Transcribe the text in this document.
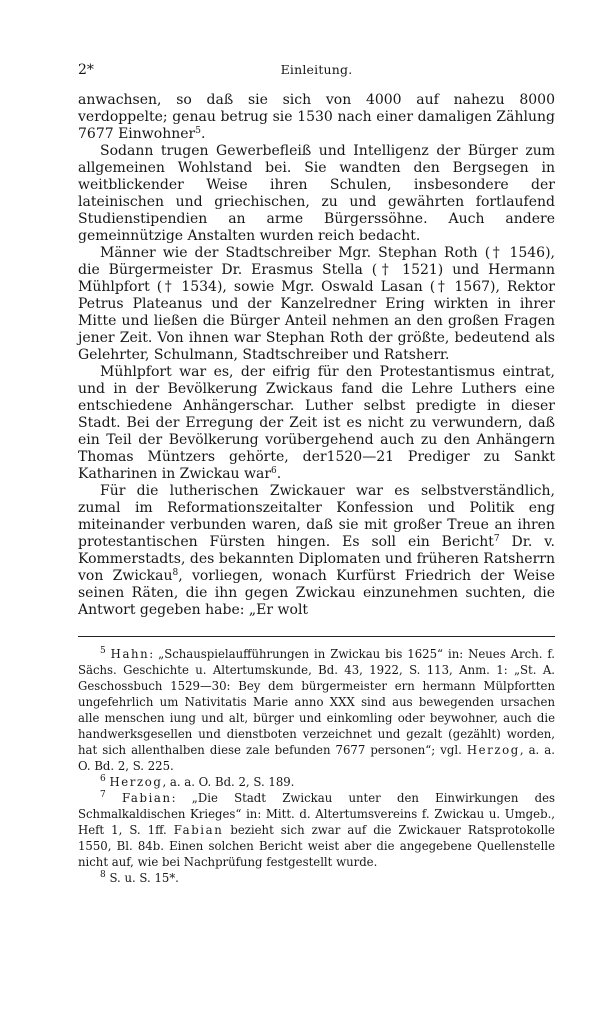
2*	Einleitung.

anwachsen, so daß sie sich von 4000 auf nahezu 8000 verdoppelte; genau betrug sie 1530 nach einer damaligen Zählung 7677 Einwohner$^5$.

Sodann trugen Gewerbefleiß und Intelligenz der Bürger zum allgemeinen Wohlstand bei. Sie wandten den Bergsegen in weitblickender Weise ihren Schulen, insbesondere der lateinischen und griechischen, zu und gewährten fortlaufend Studienstipendien an arme Bürgerssöhne. Auch andere gemeinnützige Anstalten wurden reich bedacht.

Männer wie der Stadtschreiber Mgr. Stephan Roth († 1546), die Bürgermeister Dr. Erasmus Stella († 1521) und Hermann Mühlpfort († 1534), sowie Mgr. Oswald Lasan († 1567), Rektor Petrus Plateanus und der Kanzelredner Ering wirkten in ihrer Mitte und ließen die Bürger Anteil nehmen an den großen Fragen jener Zeit. Von ihnen war Stephan Roth der größte, bedeutend als Gelehrter, Schulmann, Stadtschreiber und Ratsherr.

Mühlpfort war es, der eifrig für den Protestantismus eintrat, und in der Bevölkerung Zwickaus fand die Lehre Luthers eine entschiedene Anhängerschar. Luther selbst predigte in dieser Stadt. Bei der Erregung der Zeit ist es nicht zu verwundern, daß ein Teil der Bevölkerung vorübergehend auch zu den Anhängern Thomas Müntzers gehörte, der1520—21 Prediger zu Sankt Katharinen in Zwickau war$^6$.

Für die lutherischen Zwickauer war es selbstverständlich, zumal im Reformationszeitalter Konfession und Politik eng miteinander verbunden waren, daß sie mit großer Treue an ihren protestantischen Fürsten hingen. Es soll ein Bericht$^7$ Dr. v. Kommerstadts, des bekannten Diplomaten und früheren Ratsherrn von Zwickau$^8$, vorliegen, wonach Kurfürst Friedrich der Weise seinen Räten, die ihn gegen Zwickau einzunehmen suchten, die Antwort gegeben habe: „Er wolt

$^5$ Hahn: „Schauspielaufführungen in Zwickau bis 1625“ in: Neues Arch. f. Sächs. Geschichte u. Altertumskunde, Bd. 43, 1922, S. 113, Anm. 1: „St. A. Geschossbuch 1529—30: Bey dem bürgermeister ern hermann Mülpfortten ungefehrlich um Nativitatis Marie anno XXX sind aus bewegenden ursachen alle menschen iung und alt, bürger und einkomling oder beywohner, auch die handwerksgesellen und dienstboten verzeichnet und gezalt (gezählt) worden, hat sich allenthalben diese zale befunden 7677 personen“; vgl. Herzog, a. a. O. Bd. 2, S. 225.

$^6$ Herzog, a. a. O. Bd. 2, S. 189.

$^7$ Fabian: „Die Stadt Zwickau unter den Einwirkungen des Schmalkaldischen Krieges“ in: Mitt. d. Altertumsvereins f. Zwickau u. Umgeb., Heft 1, S. 1ff. Fabian bezieht sich zwar auf die Zwickauer Ratsprotokolle 1550, Bl. 84b. Einen solchen Bericht weist aber die angegebene Quellenstelle nicht auf, wie bei Nachprüfung festgestellt wurde.

$^8$ S. u. S. 15*.
